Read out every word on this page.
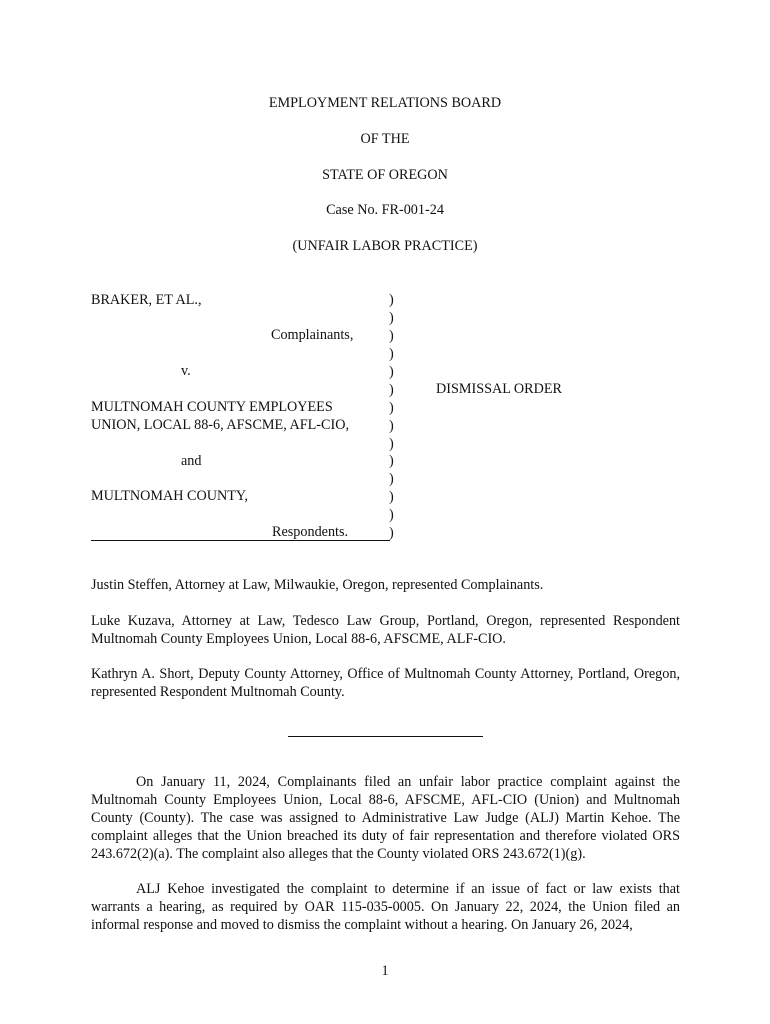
EMPLOYMENT RELATIONS BOARD
OF THE
STATE OF OREGON
Case No. FR-001-24
(UNFAIR LABOR PRACTICE)
BRAKER, ET AL.,
Complainants,
v.
MULTNOMAH COUNTY EMPLOYEES
UNION, LOCAL 88-6, AFSCME, AFL-CIO,
and
MULTNOMAH COUNTY,
Respondents.
)
)
)
)
)
)
)
)
)
)
)
)
)
)
DISMISSAL ORDER
Justin Steffen, Attorney at Law, Milwaukie, Oregon, represented Complainants.
Luke Kuzava, Attorney at Law, Tedesco Law Group, Portland, Oregon, represented Respondent Multnomah County Employees Union, Local 88-6, AFSCME, ALF-CIO.
Kathryn A. Short, Deputy County Attorney, Office of Multnomah County Attorney, Portland, Oregon, represented Respondent Multnomah County.
On January 11, 2024, Complainants filed an unfair labor practice complaint against the Multnomah County Employees Union, Local 88-6, AFSCME, AFL-CIO (Union) and Multnomah County (County). The case was assigned to Administrative Law Judge (ALJ) Martin Kehoe. The complaint alleges that the Union breached its duty of fair representation and therefore violated ORS 243.672(2)(a). The complaint also alleges that the County violated ORS 243.672(1)(g).
ALJ Kehoe investigated the complaint to determine if an issue of fact or law exists that warrants a hearing, as required by OAR 115-035-0005. On January 22, 2024, the Union filed an informal response and moved to dismiss the complaint without a hearing. On January 26, 2024,
1
